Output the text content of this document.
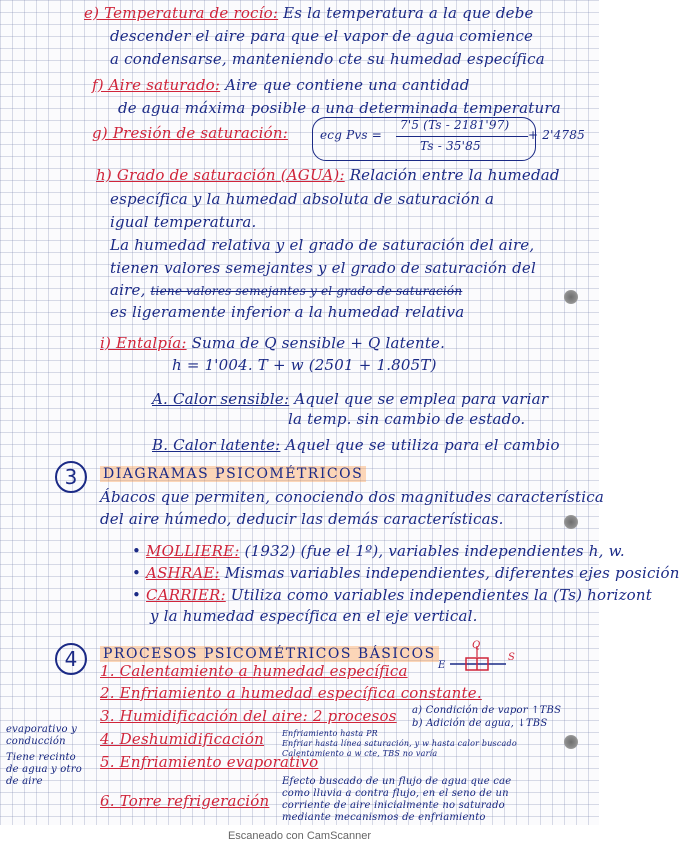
e) Temperatura de rocío: Es la temperatura a la que debe
descender el aire para que el vapor de agua comience
a condensarse, manteniendo cte su humedad específica
f) Aire saturado: Aire que contiene una cantidad
de agua máxima posible a una determinada temperatura
g) Presión de saturación:	ecg Pvs =
7'5 (Ts - 2181'97)
Ts - 35'85
+ 2'4785
h) Grado de saturación (AGUA): Relación entre la humedad
específica y la humedad absoluta de saturación a
igual temperatura.
La humedad relativa y el grado de saturación del aire,
tienen valores semejantes y el grado de saturación del
aire, tiene valores semejantes y el grado de saturación
es ligeramente inferior a la humedad relativa
i) Entalpía: Suma de Q sensible + Q latente.
h = 1'004. T + w (2501 + 1.805T)
A. Calor sensible: Aquel que se emplea para variar
la temp. sin cambio de estado.
B. Calor latente: Aquel que se utiliza para el cambio
3	DIAGRAMAS PSICOMÉTRICOS
Ábacos que permiten, conociendo dos magnitudes característica
del aire húmedo, deducir las demás características.
• MOLLIERE: (1932) (fue el 1º), variables independientes h, w.
• ASHRAE: Mismas variables independientes, diferentes ejes posición
• CARRIER: Utiliza como variables independientes la (Ts) horizont
y la humedad específica en el eje vertical.
4	PROCESOS PSICOMÉTRICOS BÁSICOS
Q
E
S
1. Calentamiento a humedad específica
2. Enfriamiento a humedad específica constante.
3. Humidificación del aire: 2 procesos
4. Deshumidificación
5. Enfriamiento evaporativo
6. Torre refrigeración
a) Condición de vapor ↑TBS
b) Adición de agua, ↓TBS
Enfriamiento hasta PR
Enfriar hasta línea saturación, y w hasta calor buscado
Calentamiento a w cte, TBS no varía
Efecto buscado de un flujo de agua que cae
como lluvia a contra flujo, en el seno de un
corriente de aire inicialmente no saturado
mediante mecanismos de enfriamiento
evaporativo y
conducción
Tiene recinto
de agua y otro
de aire
Escaneado con CamScanner
